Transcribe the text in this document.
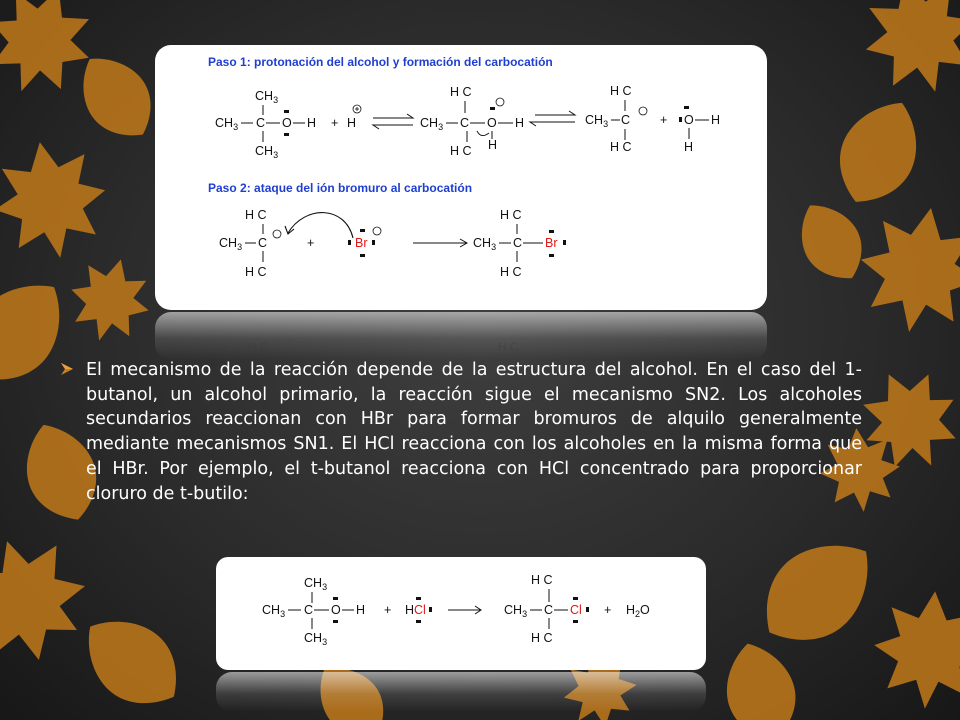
H C	H C
Paso 1: protonación del alcohol y formación del carbocatión
$CH_3$
$CH_3$ C O H
$CH_3$
+ H
H C
$CH_3$ C O H
H C H
H C
$CH_3$ C
H C
+ O H
H
Paso 2: ataque del ión bromuro al carbocatión
H C
$CH_3$ C
H C
+	Br
H C
$CH_3$ C Br
H C

El mecanismo de la reacción depende de la estructura del alcohol. En el caso del 1-butanol, un alcohol primario, la reacción sigue el mecanismo SN2. Los alcoholes secundarios reaccionan con HBr para formar bromuros de alquilo generalmente mediante mecanismos SN1. El HCl reacciona con los alcoholes en la misma forma que el HBr. Por ejemplo, el t-butanol reacciona con HCl concentrado para proporcionar cloruro de t-butilo:

$CH_3$
$CH_3$ C O H
$CH_3$
+ HCl
H C
$CH_3$ C Cl
H C
+ $H_2O$
